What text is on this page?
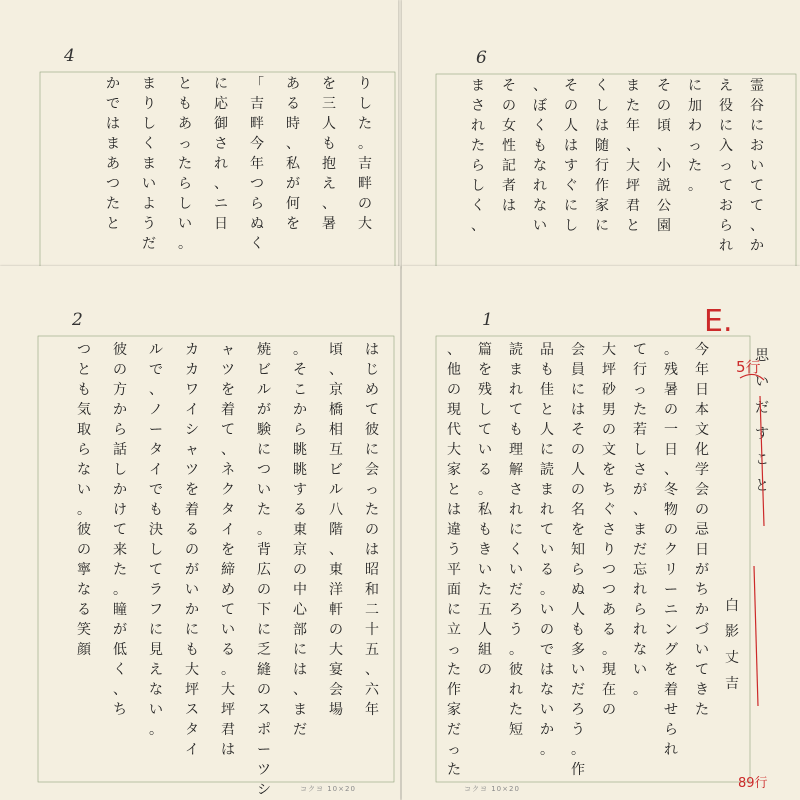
4
り
し
た
。
吉
畔
の
大
を
三
人
も
抱
え
、
暑
あ
る
時
、
私
が
何
を
「
吉
畔
今
年
つ
ら
ぬ
く
に
応
御
さ
れ
、
ニ
日
と
も
あ
っ
た
ら
し
い
。
ま
り
し
く
ま
い
よ
う
だ
か
で
は
ま
あ
つ
た
と
6
霊
谷
に
お
い
て
て
、
か
え
役
に
入
っ
て
お
ら
れ
に
加
わ
っ
た
。
そ
の
頃
、
小
説
公
園
ま
た
年
、
大
坪
君
と
く
し
は
随
行
作
家
に
そ
の
人
は
す
ぐ
に
し
、
ぼ
く
も
な
れ
な
い
そ
の
女
性
記
者
は
ま
さ
れ
た
ら
し
く
、
2
は
じ
め
て
彼
に
会
っ
た
の
は
昭
和
二
十
五
、
六
年
頃
、
京
橋
相
互
ビ
ル
八
階
、
東
洋
軒
の
大
宴
会
場
。
そ
こ
か
ら
眺
眺
す
る
東
京
の
中
心
部
に
は
、
ま
だ
焼
ビ
ル
が
験
に
つ
い
た
。
背
広
の
下
に
乏
縫
の
ス
ポ
ー
ツ
シ
ャ
ツ
を
着
て
、
ネ
ク
タ
イ
を
締
め
て
い
る
。
大
坪
君
は
カ
カ
ワ
イ
シ
ャ
ツ
を
着
る
の
が
い
か
に
も
大
坪
ス
タ
イ
ル
で
、
ノ
ー
タ
イ
で
も
決
し
て
ラ
フ
に
見
え
な
い
。
彼
の
方
か
ら
話
し
か
け
て
来
た
。
瞳
が
低
く
、
ち
つ
と
も
気
取
ら
な
い
。
彼
の
寧
な
る
笑
顔
コクヨ 10×20
1
今
年
日
本
文
化
学
会
の
忌
日
が
ち
か
づ
い
て
き
た
。
残
暑
の
一
日
、
冬
物
の
ク
リ
ー
ニ
ン
グ
を
着
せ
ら
れ
て
行
っ
た
若
し
さ
が
、
ま
だ
忘
れ
ら
れ
な
い
。
大
坪
砂
男
の
文
を
ち
ぐ
さ
り
つ
つ
あ
る
。
現
在
の
会
員
に
は
そ
の
人
の
名
を
知
ら
ぬ
人
も
多
い
だ
ろ
う
。
作
品
も
佳
と
人
に
読
ま
れ
て
い
る
。
い
の
で
は
な
い
か
。
読
ま
れ
て
も
理
解
さ
れ
に
く
い
だ
ろ
う
。
彼
れ
た
短
篇
を
残
し
て
い
る
。
私
も
き
い
た
五
人
組
の
、
他
の
現
代
大
家
と
は
違
う
平
面
に
立
っ
た
作
家
だ
っ
た
コクヨ 10×20
思
い
だ
す
こ
と
白
影
丈
吉
E.
5行
89行
